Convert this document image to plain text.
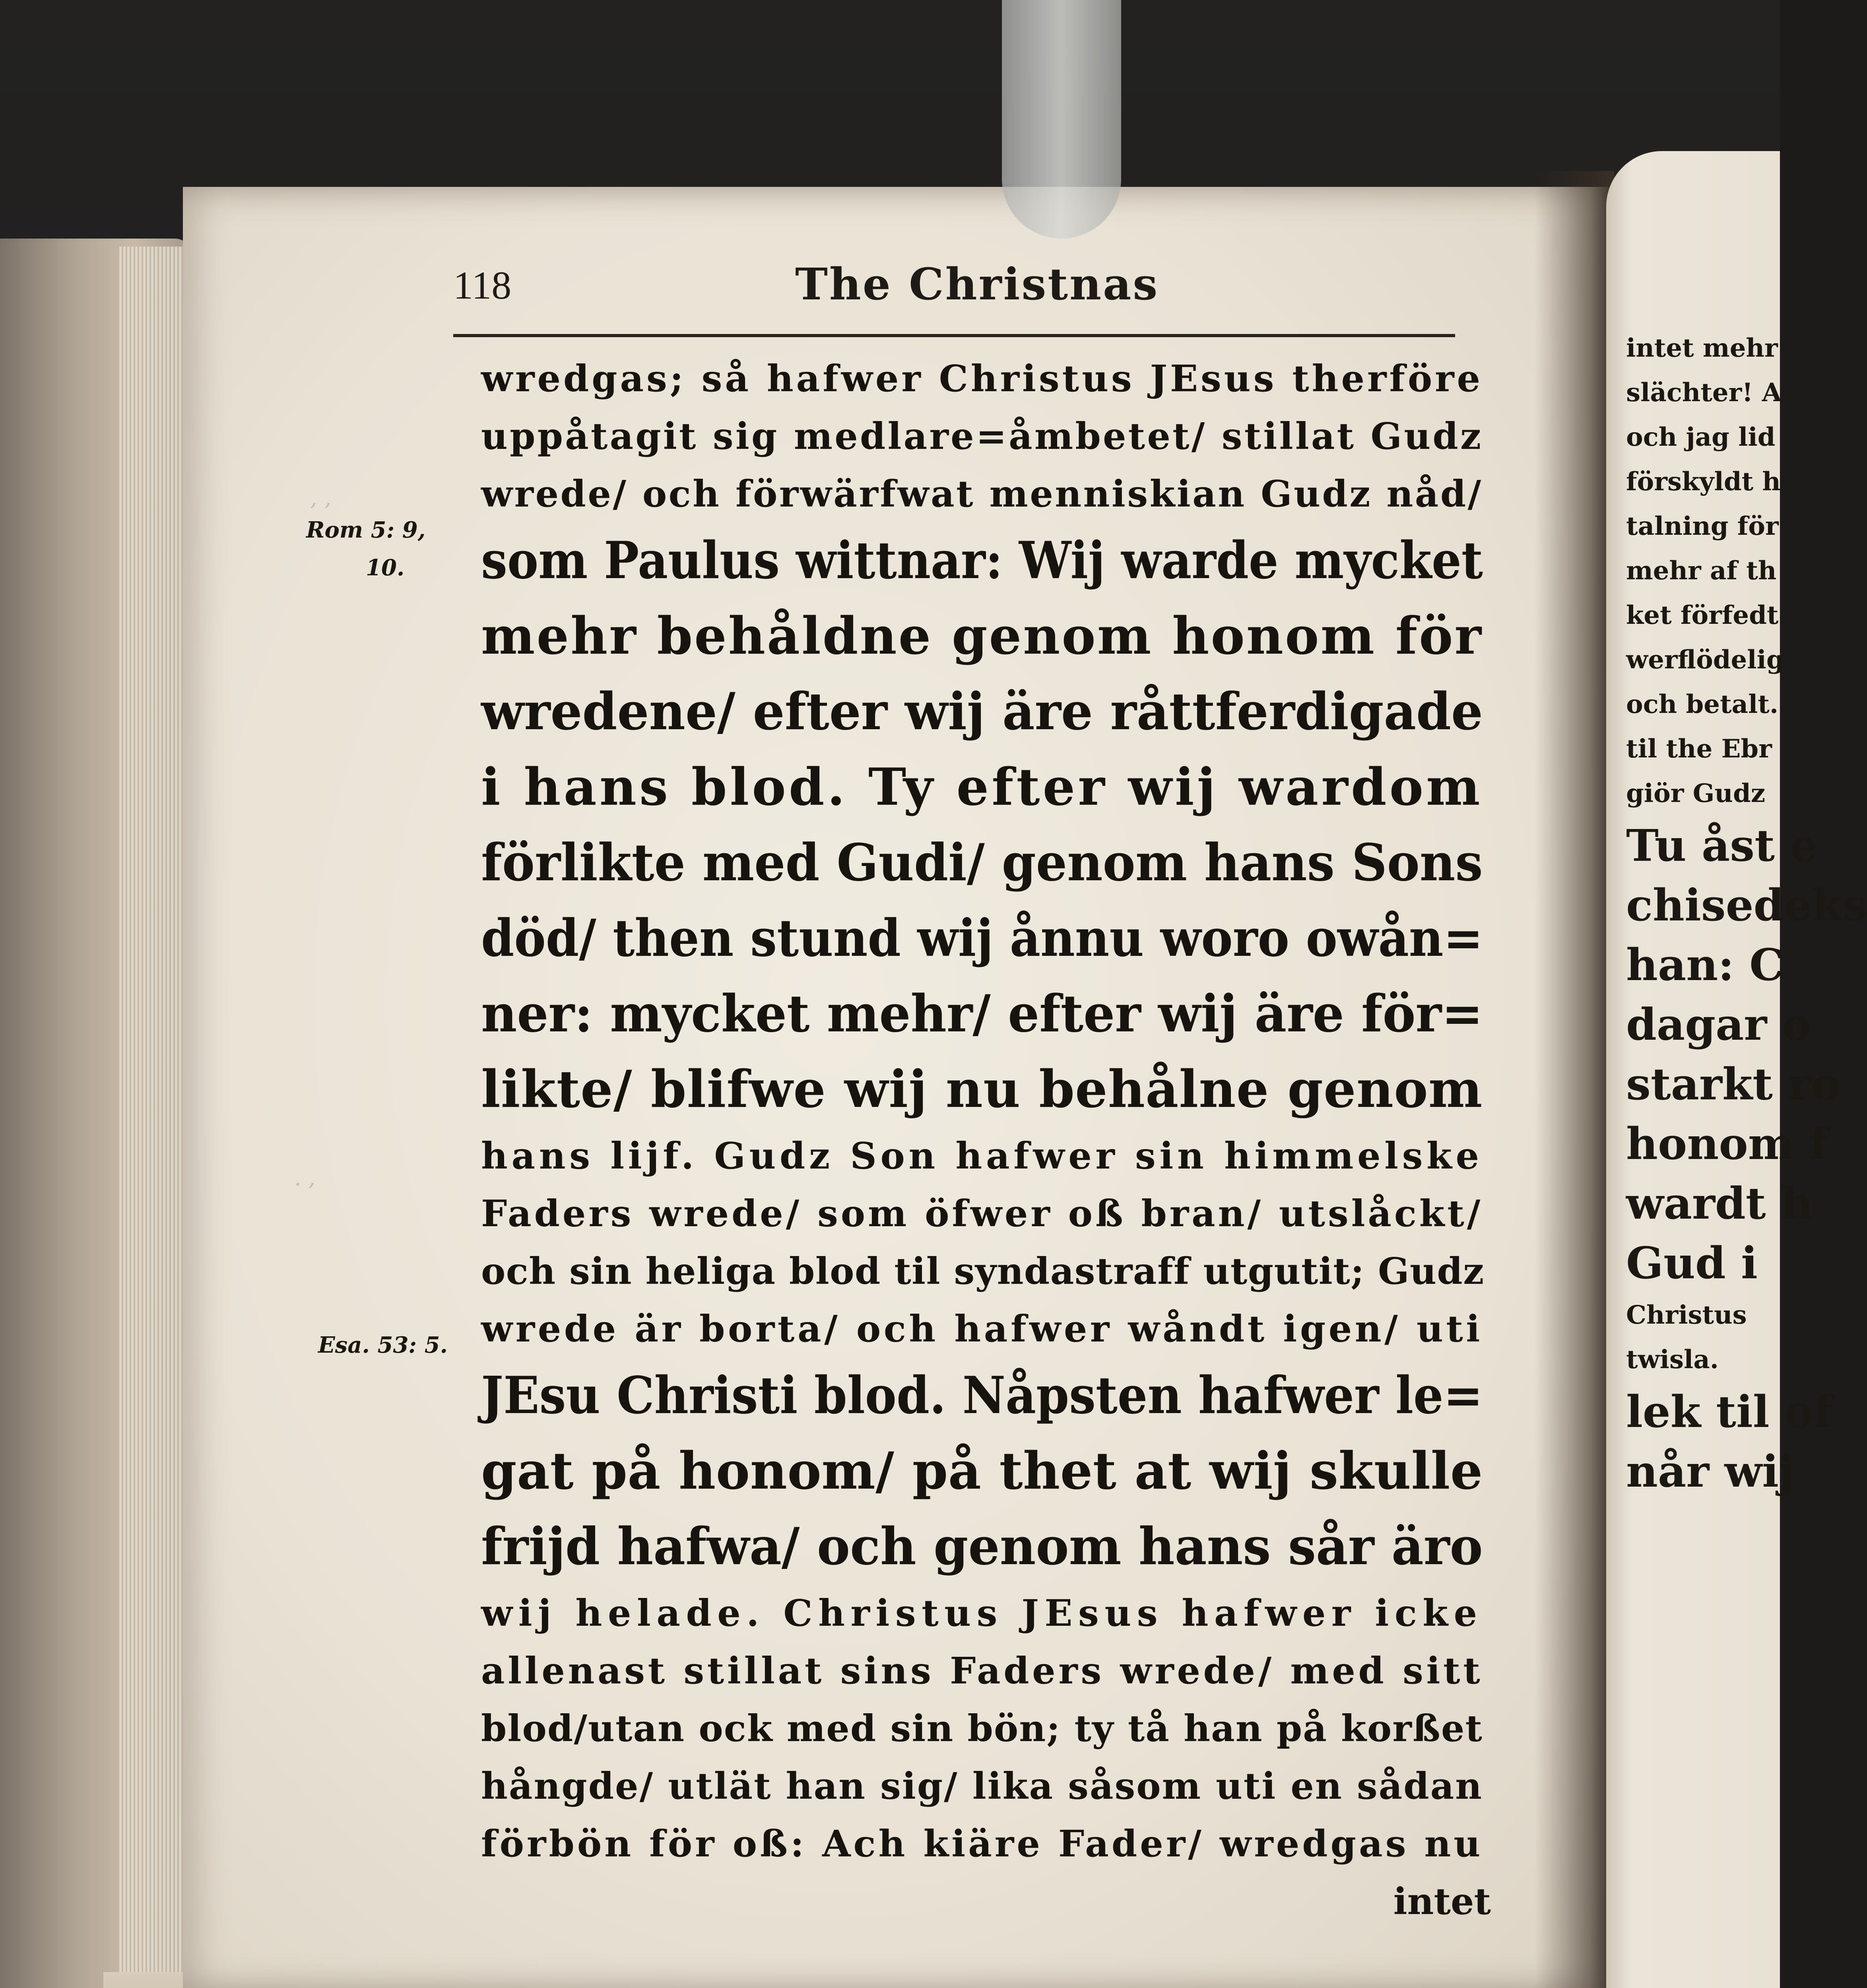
intet mehr
slächter! A
och jag lid
förskyldt h
talning för
mehr af th
ket förfedt
werflödelig
och betalt.
til the Ebr
giör Gudz
Tu åst e
chisedeks
han: C
dagar o
starkt ro
honom f
wardt h
Gud i
Christus
twisla.
lek til of
når wij
118	The Christnas
, ,
. ,
Rom 5: 9,
10.
Esa. 53: 5.
wredgas; så hafwer Christus JEsus therföre
uppåtagit sig medlare=åmbetet/ stillat Gudz
wrede/ och förwärfwat menniskian Gudz nåd/
som Paulus wittnar: Wij warde mycket
mehr behåldne genom honom för
wredene/ efter wij äre råttferdigade
i hans blod. Ty efter wij wardom
förlikte med Gudi/ genom hans Sons
död/ then stund wij ånnu woro owån=
ner: mycket mehr/ efter wij äre för=
likte/ blifwe wij nu behålne genom
hans lijf. Gudz Son hafwer sin himmelske
Faders wrede/ som öfwer oß bran/ utslåckt/
och sin heliga blod til syndastraff utgutit; Gudz
wrede är borta/ och hafwer wåndt igen/ uti
JEsu Christi blod. Nåpsten hafwer le=
gat på honom/ på thet at wij skulle
frijd hafwa/ och genom hans sår äro
wij helade. Christus JEsus hafwer icke
allenast stillat sins Faders wrede/ med sitt
blod/utan ock med sin bön; ty tå han på korßet
hångde/ utlät han sig/ lika såsom uti en sådan
förbön för oß: Ach kiäre Fader/ wredgas nu
intet
